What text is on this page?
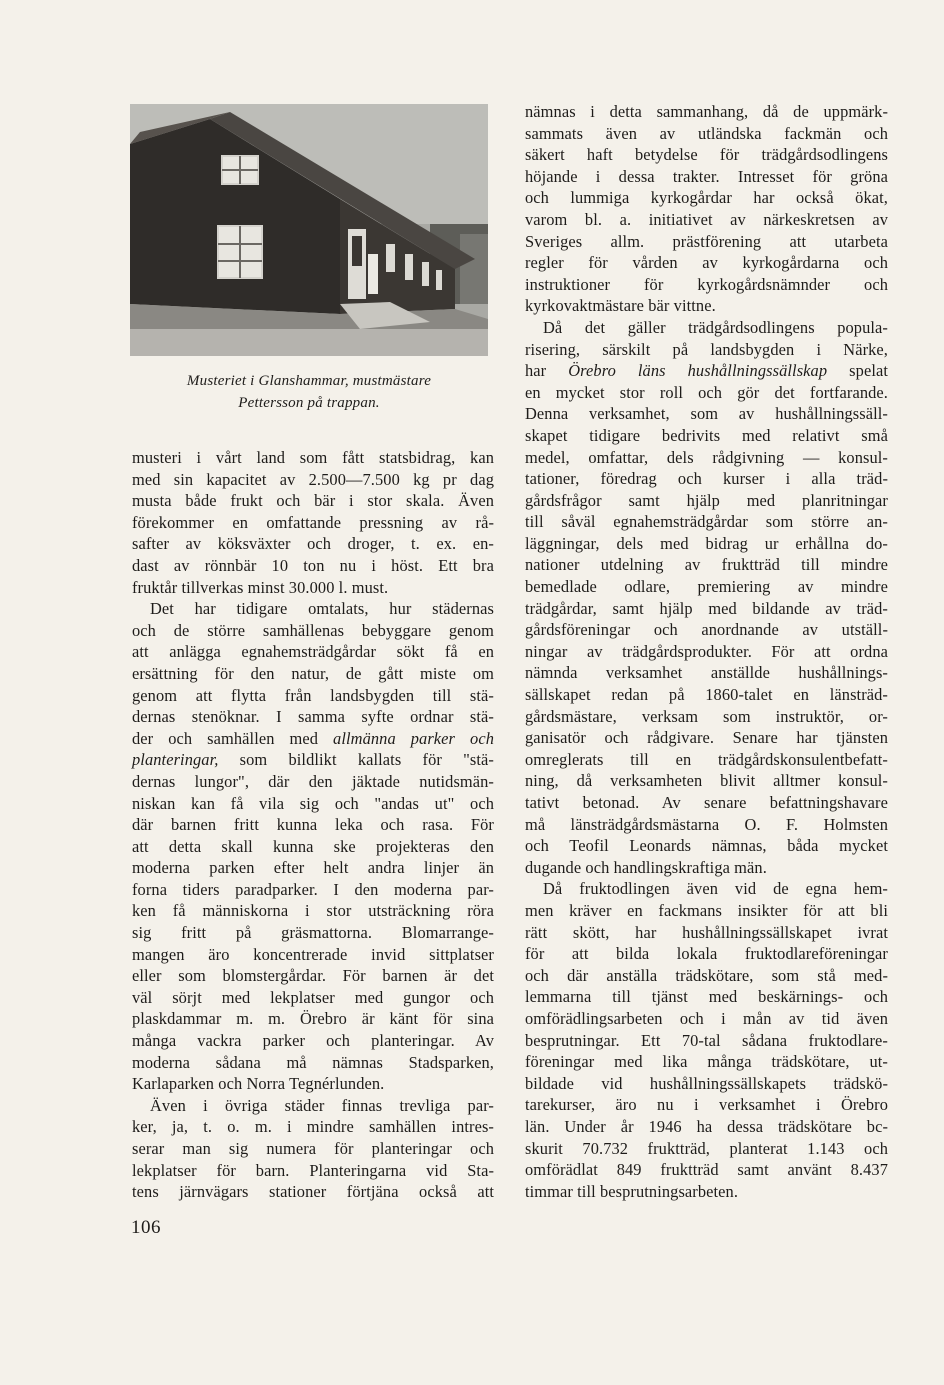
Musteriet i Glanshammar, mustmästare
Pettersson på trappan.
musteri i vårt land som fått statsbidrag, kan
med sin kapacitet av 2.500—7.500 kg pr dag
musta både frukt och bär i stor skala. Även
förekommer en omfattande pressning av rå-
safter av köksväxter och droger, t. ex. en-
dast av rönnbär 10 ton nu i höst. Ett bra
fruktår tillverkas minst 30.000 l. must.
Det har tidigare omtalats, hur städernas
och de större samhällenas bebyggare genom
att anlägga egnahemsträdgårdar sökt få en
ersättning för den natur, de gått miste om
genom att flytta från landsbygden till stä-
dernas stenöknar. I samma syfte ordnar stä-
der och samhällen med allmänna parker och
planteringar, som bildlikt kallats för "stä-
dernas lungor", där den jäktade nutidsmän-
niskan kan få vila sig och "andas ut" och
där barnen fritt kunna leka och rasa. För
att detta skall kunna ske projekteras den
moderna parken efter helt andra linjer än
forna tiders paradparker. I den moderna par-
ken få människorna i stor utsträckning röra
sig fritt på gräsmattorna. Blomarrange-
mangen äro koncentrerade invid sittplatser
eller som blomstergårdar. För barnen är det
väl sörjt med lekplatser med gungor och
plaskdammar m. m. Örebro är känt för sina
många vackra parker och planteringar. Av
moderna sådana må nämnas Stadsparken,
Karlaparken och Norra Tegnérlunden.
Även i övriga städer finnas trevliga par-
ker, ja, t. o. m. i mindre samhällen intres-
serar man sig numera för planteringar och
lekplatser för barn. Planteringarna vid Sta-
tens järnvägars stationer förtjäna också att
nämnas i detta sammanhang, då de uppmärk-
sammats även av utländska fackmän och
säkert haft betydelse för trädgårdsodlingens
höjande i dessa trakter. Intresset för gröna
och lummiga kyrkogårdar har också ökat,
varom bl. a. initiativet av närkeskretsen av
Sveriges allm. prästförening att utarbeta
regler för vården av kyrkogårdarna och
instruktioner för kyrkogårdsnämnder och
kyrkovaktmästare bär vittne.
Då det gäller trädgårdsodlingens popula-
risering, särskilt på landsbygden i Närke,
har Örebro läns hushållningssällskap spelat
en mycket stor roll och gör det fortfarande.
Denna verksamhet, som av hushållningssäll-
skapet tidigare bedrivits med relativt små
medel, omfattar, dels rådgivning — konsul-
tationer, föredrag och kurser i alla träd-
gårdsfrågor samt hjälp med planritningar
till såväl egnahemsträdgårdar som större an-
läggningar, dels med bidrag ur erhållna do-
nationer utdelning av fruktträd till mindre
bemedlade odlare, premiering av mindre
trädgårdar, samt hjälp med bildande av träd-
gårdsföreningar och anordnande av utställ-
ningar av trädgårdsprodukter. För att ordna
nämnda verksamhet anställde hushållnings-
sällskapet redan på 1860-talet en länsträd-
gårdsmästare, verksam som instruktör, or-
ganisatör och rådgivare. Senare har tjänsten
omreglerats till en trädgårdskonsulentbefatt-
ning, då verksamheten blivit alltmer konsul-
tativt betonad. Av senare befattningshavare
må länsträdgårdsmästarna O. F. Holmsten
och Teofil Leonards nämnas, båda mycket
dugande och handlingskraftiga män.
Då fruktodlingen även vid de egna hem-
men kräver en fackmans insikter för att bli
rätt skött, har hushållningssällskapet ivrat
för att bilda lokala fruktodlareföreningar
och där anställa trädskötare, som stå med-
lemmarna till tjänst med beskärnings- och
omförädlingsarbeten och i mån av tid även
besprutningar. Ett 70-tal sådana fruktodlare-
föreningar med lika många trädskötare, ut-
bildade vid hushållningssällskapets trädskö-
tarekurser, äro nu i verksamhet i Örebro
län. Under år 1946 ha dessa trädskötare bc-
skurit 70.732 fruktträd, planterat 1.143 och
omförädlat 849 fruktträd samt använt 8.437
timmar till besprutningsarbeten.
106
